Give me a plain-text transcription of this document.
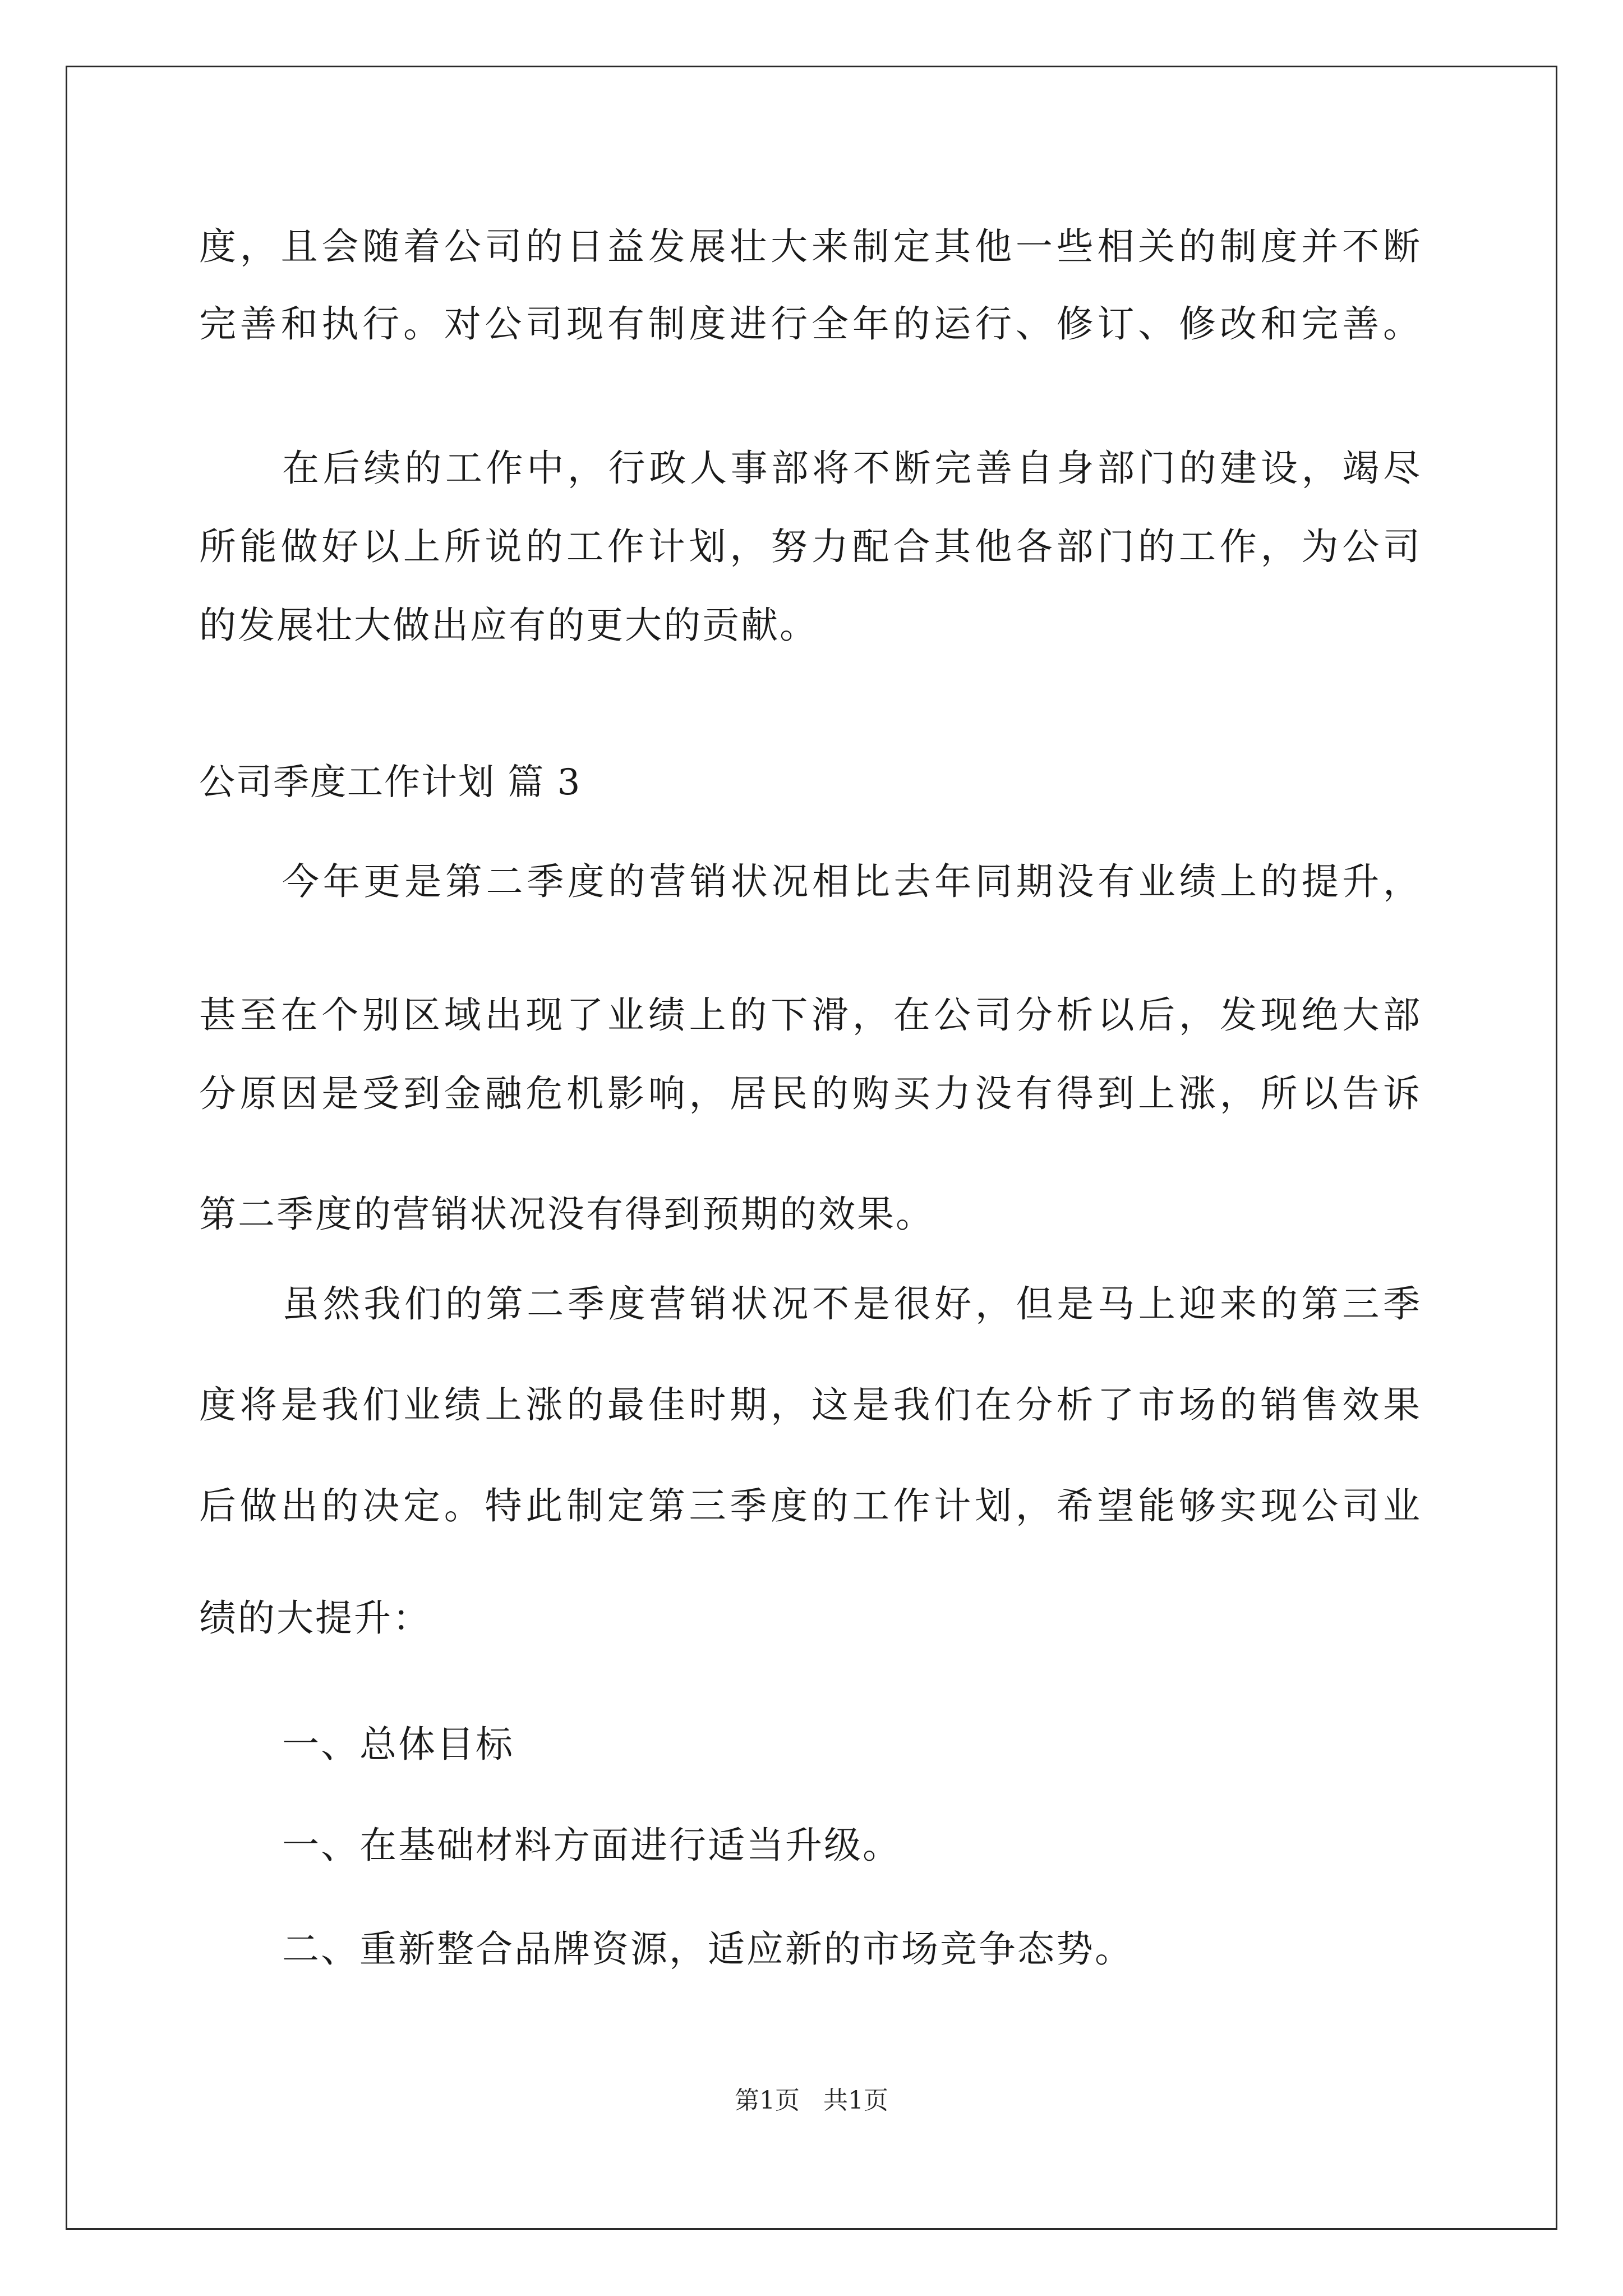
度，且会随着公司的日益发展壮大来制定其他一些相关的制度并不断
完善和执行。对公司现有制度进行全年的运行、修订、修改和完善。
在后续的工作中，行政人事部将不断完善自身部门的建设，竭尽
所能做好以上所说的工作计划，努力配合其他各部门的工作，为公司
的发展壮大做出应有的更大的贡献。
公司季度工作计划 篇 3
今年更是第二季度的营销状况相比去年同期没有业绩上的提升，
甚至在个别区域出现了业绩上的下滑，在公司分析以后，发现绝大部
分原因是受到金融危机影响，居民的购买力没有得到上涨，所以告诉
第二季度的营销状况没有得到预期的效果。
虽然我们的第二季度营销状况不是很好，但是马上迎来的第三季
度将是我们业绩上涨的最佳时期，这是我们在分析了市场的销售效果
后做出的决定。特此制定第三季度的工作计划，希望能够实现公司业
绩的大提升：
一、总体目标
一、在基础材料方面进行适当升级。
二、重新整合品牌资源，适应新的市场竞争态势。
第1页 共1页
